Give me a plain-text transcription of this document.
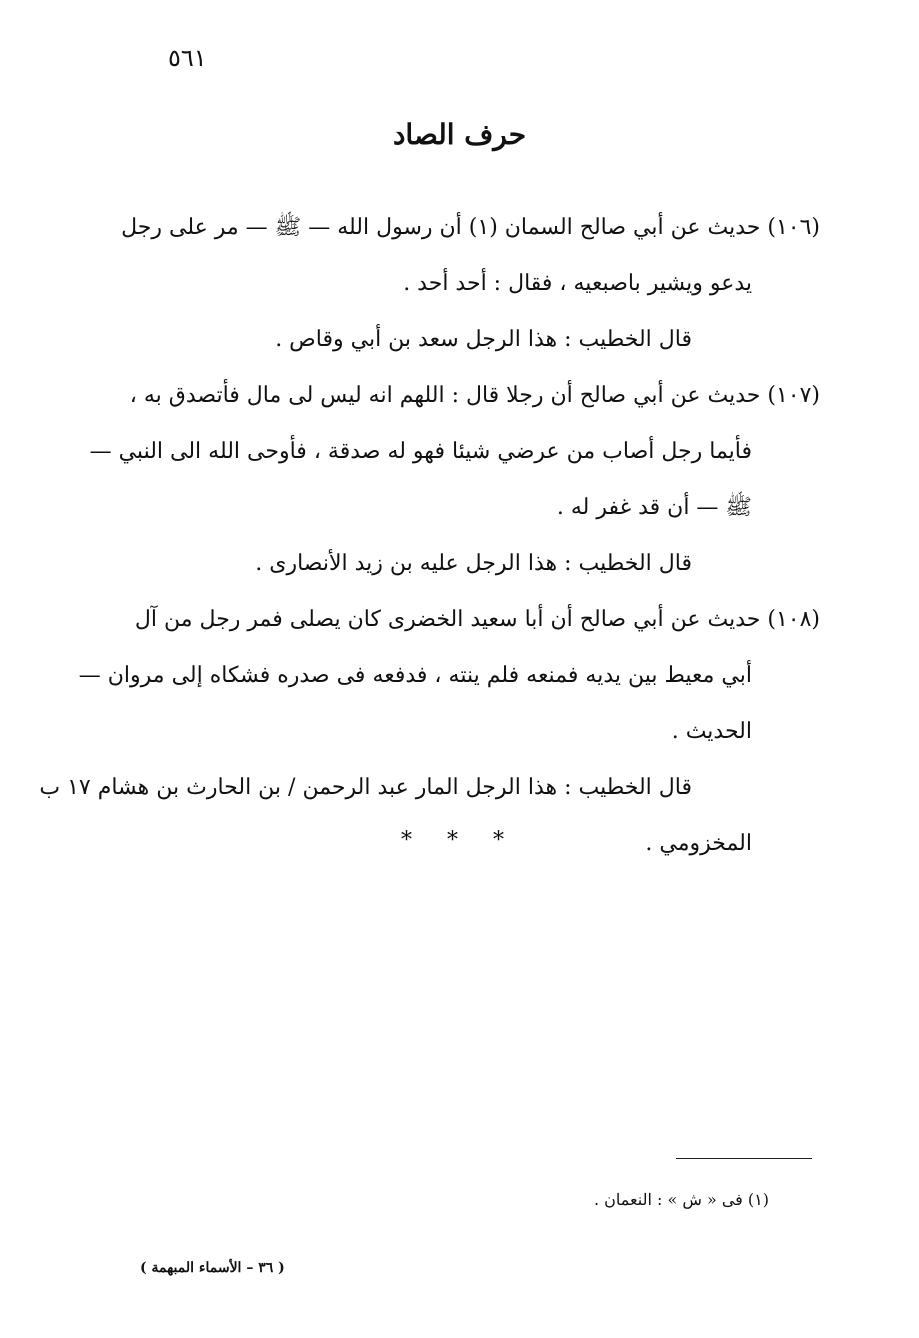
٥٦١
حرف الصاد
(١٠٦) حديث عن أبي صالح السمان (١) أن رسول الله — ﷺ — مر على رجل
يدعو ويشير باصبعيه ، فقال : أحد أحد .
قال الخطيب : هذا الرجل سعد بن أبي وقاص .
(١٠٧) حديث عن أبي صالح أن رجلا قال : اللهم انه ليس لى مال فأتصدق به ،
فأيما رجل أصاب من عرضي شيئا فهو له صدقة ، فأوحى الله الى النبي —
ﷺ — أن قد غفر له .
قال الخطيب : هذا الرجل عليه بن زيد الأنصارى .
(١٠٨) حديث عن أبي صالح أن أبا سعيد الخضرى كان يصلى فمر رجل من آل
أبي معيط بين يديه فمنعه فلم ينته ، فدفعه فى صدره فشكاه إلى مروان —
الحديث .
قال الخطيب : هذا الرجل المار عبد الرحمن / بن الحارث بن هشام ١٧ ب
المخزومي .
* * *
(١) فى « ش » : النعمان .
( ٣٦ – الأسماء المبهمة )
